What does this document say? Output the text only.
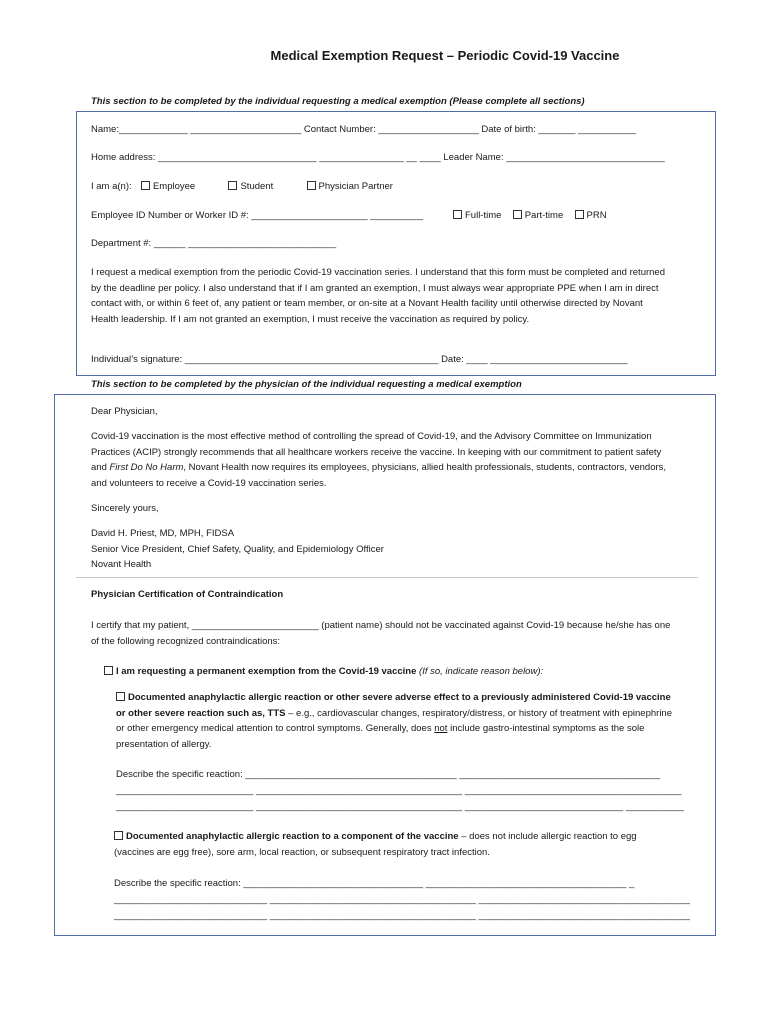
Medical Exemption Request – Periodic Covid-19 Vaccine
This section to be completed by the individual requesting a medical exemption (Please complete all sections)
Name:_____________ _____________________ Contact Number: ___________________ Date of birth: _______ ___________
Home address: ______________________________ ________________ __ ____ Leader Name: ______________________________
I am a(n): Employee	Student	Physician Partner
Employee ID Number or Worker ID #: ______________________ __________	Full-time Part-time PRN
Department #: ______ ____________________________
I request a medical exemption from the periodic Covid-19 vaccination series. I understand that this form must be completed and returned by the deadline per policy. I also understand that if I am granted an exemption, I must always wear appropriate PPE when I am in direct contact with, or within 6 feet of, any patient or team member, or on-site at a Novant Health facility until otherwise directed by Novant Health leadership. If I am not granted an exemption, I must receive the vaccination as required by policy.
Individual’s signature: ________________________________________________ Date: ____ __________________________
This section to be completed by the physician of the individual requesting a medical exemption
Dear Physician,
Covid-19 vaccination is the most effective method of controlling the spread of Covid-19, and the Advisory Committee on Immunization Practices (ACIP) strongly recommends that all healthcare workers receive the vaccine. In keeping with our commitment to patient safety and First Do No Harm, Novant Health now requires its employees, physicians, allied health professionals, students, contractors, vendors, and volunteers to receive a Covid-19 vaccination series.
Sincerely yours,
David H. Priest, MD, MPH, FIDSA
Senior Vice President, Chief Safety, Quality, and Epidemiology Officer
Novant Health
Physician Certification of Contraindication
I certify that my patient, ________________________ (patient name) should not be vaccinated against Covid-19 because he/she has one of the following recognized contraindications:
I am requesting a permanent exemption from the Covid-19 vaccine (If so, indicate reason below):
Documented anaphylactic allergic reaction or other severe adverse effect to a previously administered Covid-19 vaccine or other severe reaction such as, TTS – e.g., cardiovascular changes, respiratory/distress, or history of treatment with epinephrine or other emergency medical attention to control symptoms. Generally, does not include gastro-intestinal symptoms as the sole presentation of allergy.
Describe the specific reaction: ________________________________________ ______________________________________
__________________________ _______________________________________ _________________________________________
__________________________ _______________________________________ ______________________________ ___________
Documented anaphylactic allergic reaction to a component of the vaccine – does not include allergic reaction to egg (vaccines are egg free), sore arm, local reaction, or subsequent respiratory tract infection.
Describe the specific reaction: __________________________________ ______________________________________ _
_____________________________ _______________________________________ ________________________________________
_____________________________ _______________________________________ ________________________________________
